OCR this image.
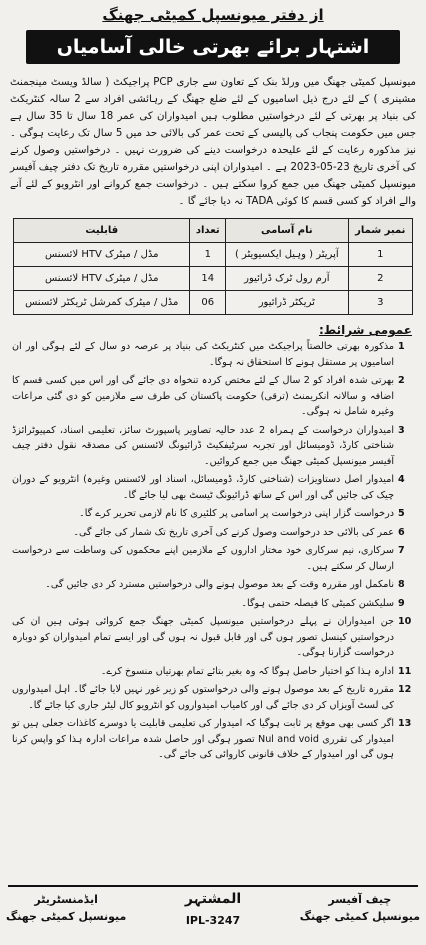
از دفتر میونسپل کمیٹی جھنگ
اشتہار برائے بھرتی خالی آسامیاں
میونسپل کمیٹی جھنگ میں ورلڈ بنک کے تعاون سے جاری PCP پراجیکٹ ( سالڈ ویسٹ مینجمنٹ مشینری ) کے لئے درج ذیل اسامیوں کے لئے ضلع جھنگ کے رہائشی افراد سے 2 سالہ کنٹریکٹ کی بنیاد پر بھرتی کے لئے درخواستیں مطلوب ہیں امیدواران کی عمر 18 سال تا 35 سال ہے جس میں حکومت پنجاب کی پالیسی کے تحت عمر کی بالائی حد میں 5 سال تک رعایت ہوگی ۔ نیز مذکورہ رعایت کے لئے علیحدہ درخواست دینے کی ضرورت نہیں ۔ درخواستیں وصول کرنے کی آخری تاریخ 23-05-2023 ہے ۔ امیدواران اپنی درخواستیں مقررہ تاریخ تک دفتر چیف آفیسر میونسپل کمیٹی جھنگ میں جمع کروا سکتے ہیں ۔ درخواست جمع کروانے اور انٹرویو کے لئے آنے والے افراد کو کسی قسم کا کوئی TADA نہ دیا جائے گا ۔
نمبر شمار	نام آسامی	تعداد	قابلیت
1	آپریٹر ( وہیل ایکسیویٹر )	1	مڈل / میٹرک HTV لائسنس
2	آرم رول ٹرک ڈرائیور	14	مڈل / میٹرک HTV لائسنس
3	ٹریکٹر ڈرائیور	06	مڈل / میٹرک کمرشل ٹریکٹر لائسنس
عمومی شرائط:
1
مذکورہ بھرتی خالصتاً پراجیکٹ میں کنٹریکٹ کی بنیاد پر عرصہ دو سال کے لئے ہوگی اور ان اسامیوں پر مستقل ہونے کا استحقاق نہ ہوگا۔
2
بھرتی شدہ افراد کو 2 سال کے لئے مختص کردہ تنخواہ دی جائے گی اور اس میں کسی قسم کا اضافہ و سالانہ انکریمنٹ (ترقی) حکومت پاکستان کی طرف سے ملازمین کو دی گئی مراعات وغیرہ شامل نہ ہوگی۔
3
امیدواران درخواست کے ہمراہ 2 عدد حالیہ تصاویر پاسپورٹ سائز، تعلیمی اسناد، کمپیوٹرائزڈ شناختی کارڈ، ڈومیسائل اور تجربہ سرٹیفکیٹ ڈرائیونگ لائسنس کی مصدقہ نقول دفتر چیف آفیسر میونسپل کمیٹی جھنگ میں جمع کروائیں۔
4
امیدوار اصل دستاویزات (شناختی کارڈ، ڈومیسائل، اسناد اور لائسنس وغیرہ) انٹرویو کے دوران چیک کی جائیں گی اور اس کے ساتھ ڈرائیونگ ٹیسٹ بھی لیا جائے گا۔
5
درخواست گزار اپنی درخواست پر اسامی پر کلئیری کا نام لازمی تحریر کرے گا۔
6
عمر کی بالائی حد درخواست وصول کرنے کی آخری تاریخ تک شمار کی جائے گی۔
7
سرکاری، نیم سرکاری خود مختار اداروں کے ملازمین اپنے محکموں کی وساطت سے درخواست ارسال کر سکتے ہیں۔
8
نامکمل اور مقررہ وقت کے بعد موصول ہونے والی درخواستیں مسترد کر دی جائیں گی۔
9
سلیکشن کمیٹی کا فیصلہ حتمی ہوگا۔
10
جن امیدواران نے پہلے درخواستیں میونسپل کمیٹی جھنگ جمع کروائی ہوئی ہیں ان کی درخواستیں کینسل تصور ہوں گی اور قابل قبول نہ ہوں گی اور ایسے تمام امیدواران کو دوبارہ درخواست گزارنا ہوگی۔
11
ادارہ ہذا کو اختیار حاصل ہوگا کہ وہ بغیر بتائے تمام بھرتیاں منسوخ کرے۔
12
مقررہ تاریخ کے بعد موصول ہونے والی درخواستوں کو زیر غور نہیں لایا جائے گا۔ اہل امیدواروں کی لسٹ آویزاں کر دی جائے گی اور کامیاب امیدواروں کو انٹرویو کال لیٹر جاری کیا جائے گا۔
13
اگر کسی بھی موقع پر ثابت ہوگیا کہ امیدوار کی تعلیمی قابلیت یا دوسرے کاغذات جعلی ہیں تو امیدوار کی تقرری Nul and void تصور ہوگی اور حاصل شدہ مراعات ادارہ ہذا کو واپس کرنا ہوں گی اور امیدوار کے خلاف قانونی کاروائی کی جائے گی۔
چیف آفیسر
میونسپل کمیٹی جھنگ
المشتہر
IPL-3247
ایڈمنسٹریٹر
میونسپل کمیٹی جھنگ
